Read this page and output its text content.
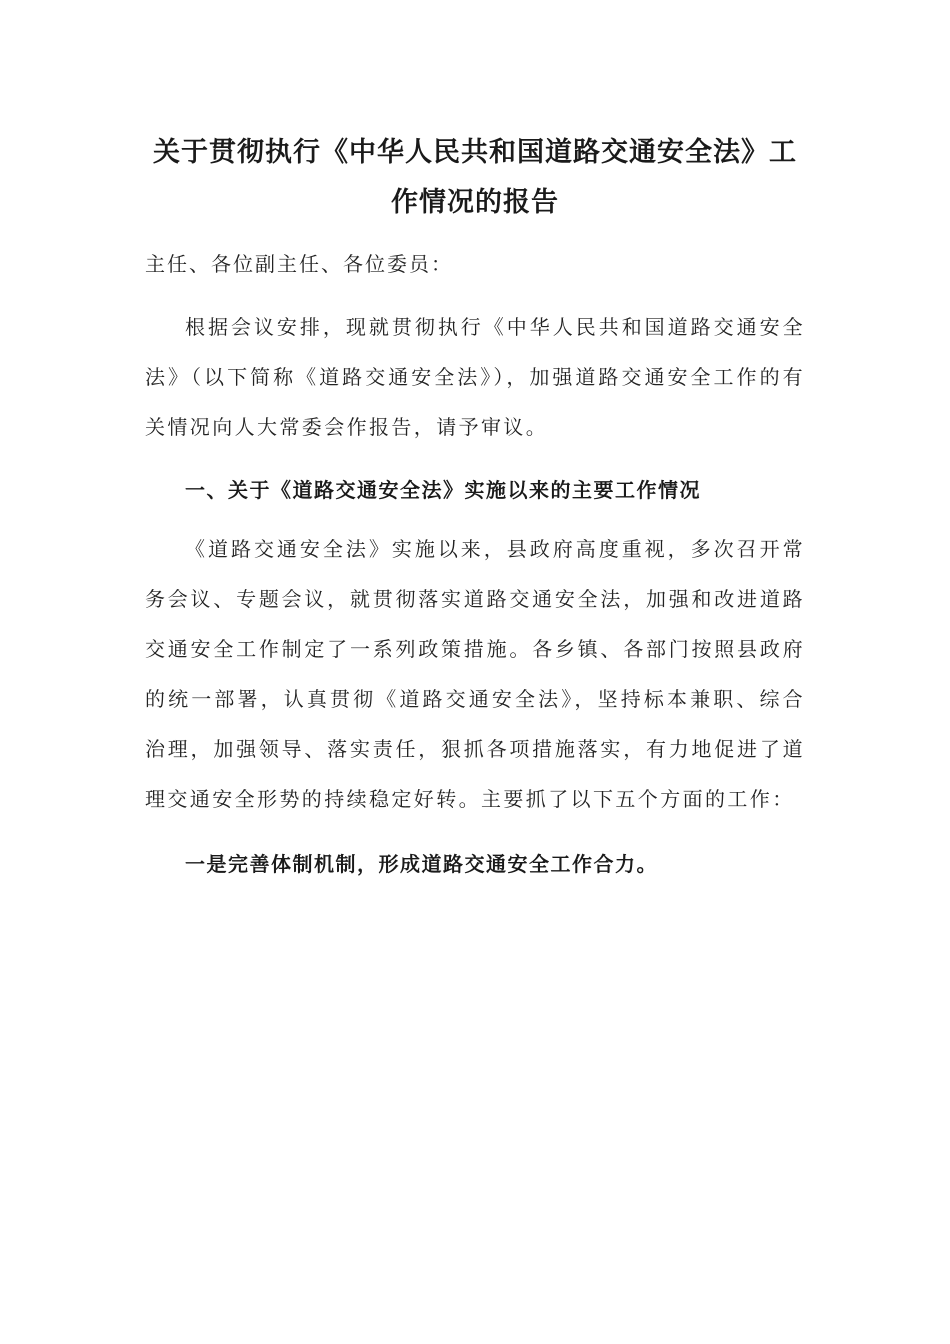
关于贯彻执行《中华人民共和国道路交通安全法》工作情况的报告
主任、各位副主任、各位委员：
根据会议安排，现就贯彻执行《中华人民共和国道路交通安全法》（以下简称《道路交通安全法》），加强道路交通安全工作的有关情况向人大常委会作报告，请予审议。
一、关于《道路交通安全法》实施以来的主要工作情况
《道路交通安全法》实施以来，县政府高度重视，多次召开常务会议、专题会议，就贯彻落实道路交通安全法，加强和改进道路交通安全工作制定了一系列政策措施。各乡镇、各部门按照县政府的统一部署，认真贯彻《道路交通安全法》，坚持标本兼职、综合治理，加强领导、落实责任，狠抓各项措施落实，有力地促进了道理交通安全形势的持续稳定好转。主要抓了以下五个方面的工作：
一是完善体制机制，形成道路交通安全工作合力。
